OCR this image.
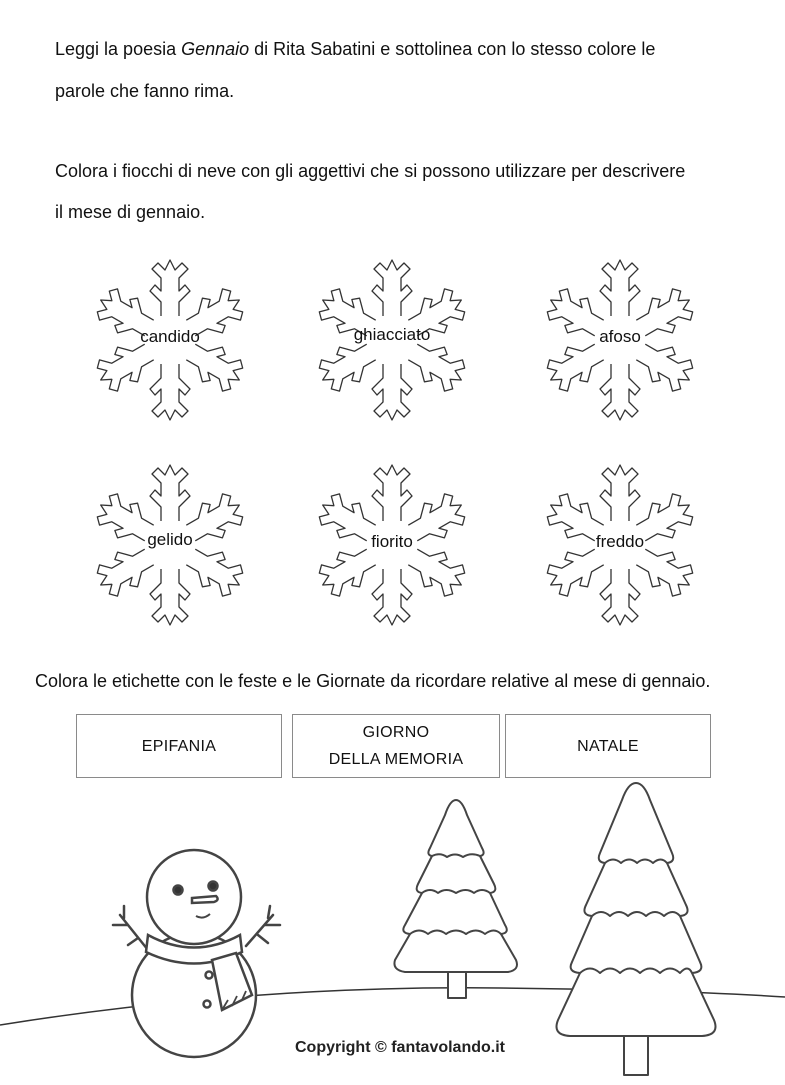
Leggi la poesia Gennaio di Rita Sabatini e sottolinea con lo stesso colore le
parole che fanno rima.
Colora i fiocchi di neve con gli aggettivi che si possono utilizzare per descrivere
il mese di gennaio.
candido	ghiacciato	afoso
gelido	fiorito	freddo
Colora le etichette con le feste e le Giornate da ricordare relative al mese di gennaio.
EPIFANIA
GIORNO
DELLA MEMORIA
NATALE
Copyright © fantavolando.it
